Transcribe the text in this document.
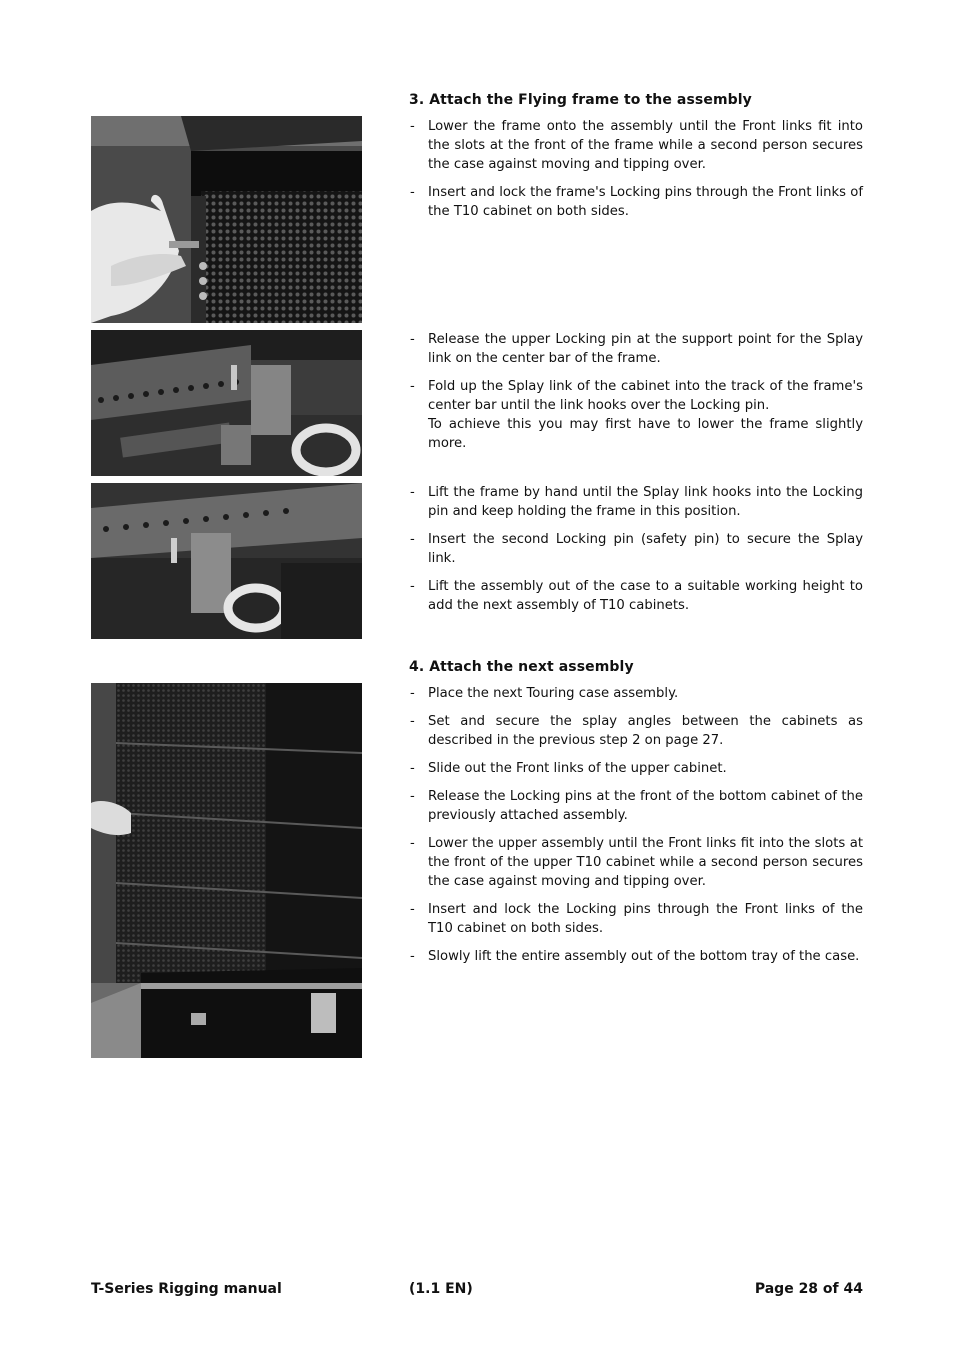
3. Attach the Flying frame to the assembly
- Lower the frame onto the assembly until the Front links fit into the slots at the front of the frame while a second person secures the case against moving and tipping over.
- Insert and lock the frame's Locking pins through the Front links of the T10 cabinet on both sides.
- Release the upper Locking pin at the support point for the Splay link on the center bar of the frame.
- Fold up the Splay link of the cabinet into the track of the frame's center bar until the link hooks over the Locking pin.
To achieve this you may first have to lower the frame slightly more.
- Lift the frame by hand until the Splay link hooks into the Locking pin and keep holding the frame in this position.
- Insert the second Locking pin (safety pin) to secure the Splay link.
- Lift the assembly out of the case to a suitable working height to add the next assembly of T10 cabinets.
4. Attach the next assembly
- Place the next Touring case assembly.
- Set and secure the splay angles between the cabinets as described in the previous step 2 on page 27.
- Slide out the Front links of the upper cabinet.
- Release the Locking pins at the front of the bottom cabinet of the previously attached assembly.
- Lower the upper assembly until the Front links fit into the slots at the front of the upper T10 cabinet while a second person secures the case against moving and tipping over.
- Insert and lock the Locking pins through the Front links of the T10 cabinet on both sides.
- Slowly lift the entire assembly out of the bottom tray of the case.
T-Series Rigging manual	(1.1 EN)	Page 28 of 44
